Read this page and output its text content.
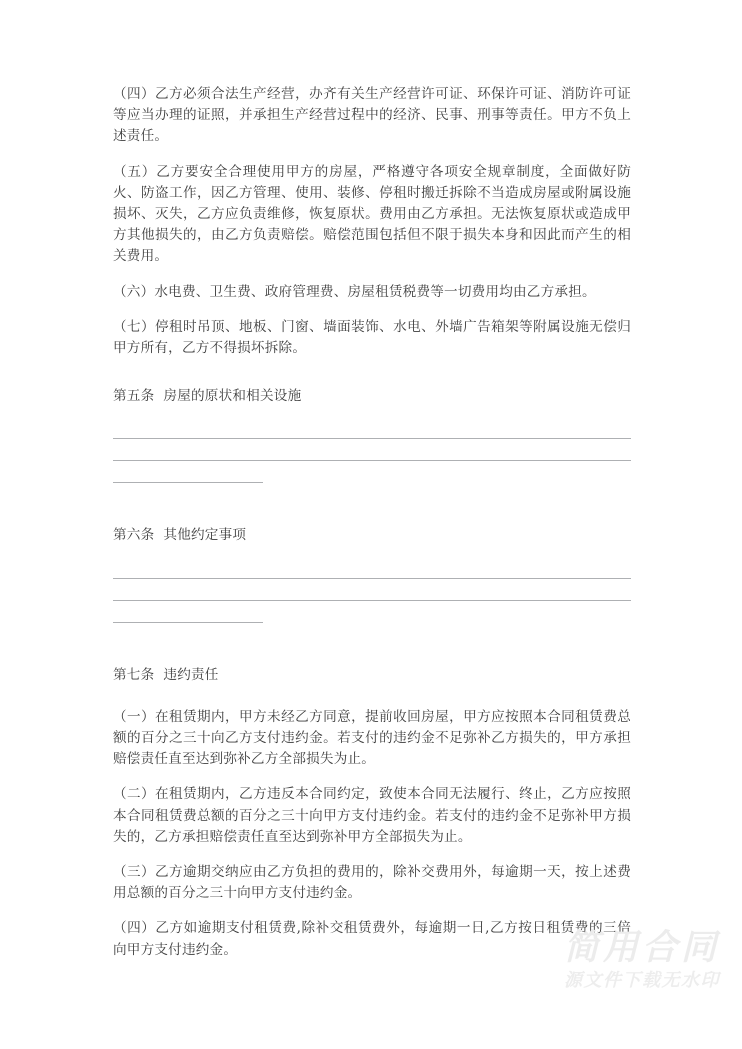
（四）乙方必须合法生产经营，办齐有关生产经营许可证、环保许可证、消防许可证等应当办理的证照，并承担生产经营过程中的经济、民事、刑事等责任。甲方不负上述责任。

（五）乙方要安全合理使用甲方的房屋，严格遵守各项安全规章制度，全面做好防火、防盗工作，因乙方管理、使用、装修、停租时搬迁拆除不当造成房屋或附属设施损坏、灭失，乙方应负责维修，恢复原状。费用由乙方承担。无法恢复原状或造成甲方其他损失的，由乙方负责赔偿。赔偿范围包括但不限于损失本身和因此而产生的相关费用。

（六）水电费、卫生费、政府管理费、房屋租赁税费等一切费用均由乙方承担。

（七）停租时吊顶、地板、门窗、墙面装饰、水电、外墙广告箱架等附属设施无偿归甲方所有，乙方不得损坏拆除。

第五条  房屋的原状和相关设施

第六条  其他约定事项

第七条  违约责任

（一）在租赁期内，甲方未经乙方同意，提前收回房屋，甲方应按照本合同租赁费总额的百分之三十向乙方支付违约金。若支付的违约金不足弥补乙方损失的，甲方承担赔偿责任直至达到弥补乙方全部损失为止。

（二）在租赁期内，乙方违反本合同约定，致使本合同无法履行、终止，乙方应按照本合同租赁费总额的百分之三十向甲方支付违约金。若支付的违约金不足弥补甲方损失的，乙方承担赔偿责任直至达到弥补甲方全部损失为止。

（三）乙方逾期交纳应由乙方负担的费用的，除补交费用外，每逾期一天，按上述费用总额的百分之三十向甲方支付违约金。

（四）乙方如逾期支付租赁费,除补交租赁费外，每逾期一日,乙方按日租赁费的三倍向甲方支付违约金。	简用合同
源文件下载无水印
